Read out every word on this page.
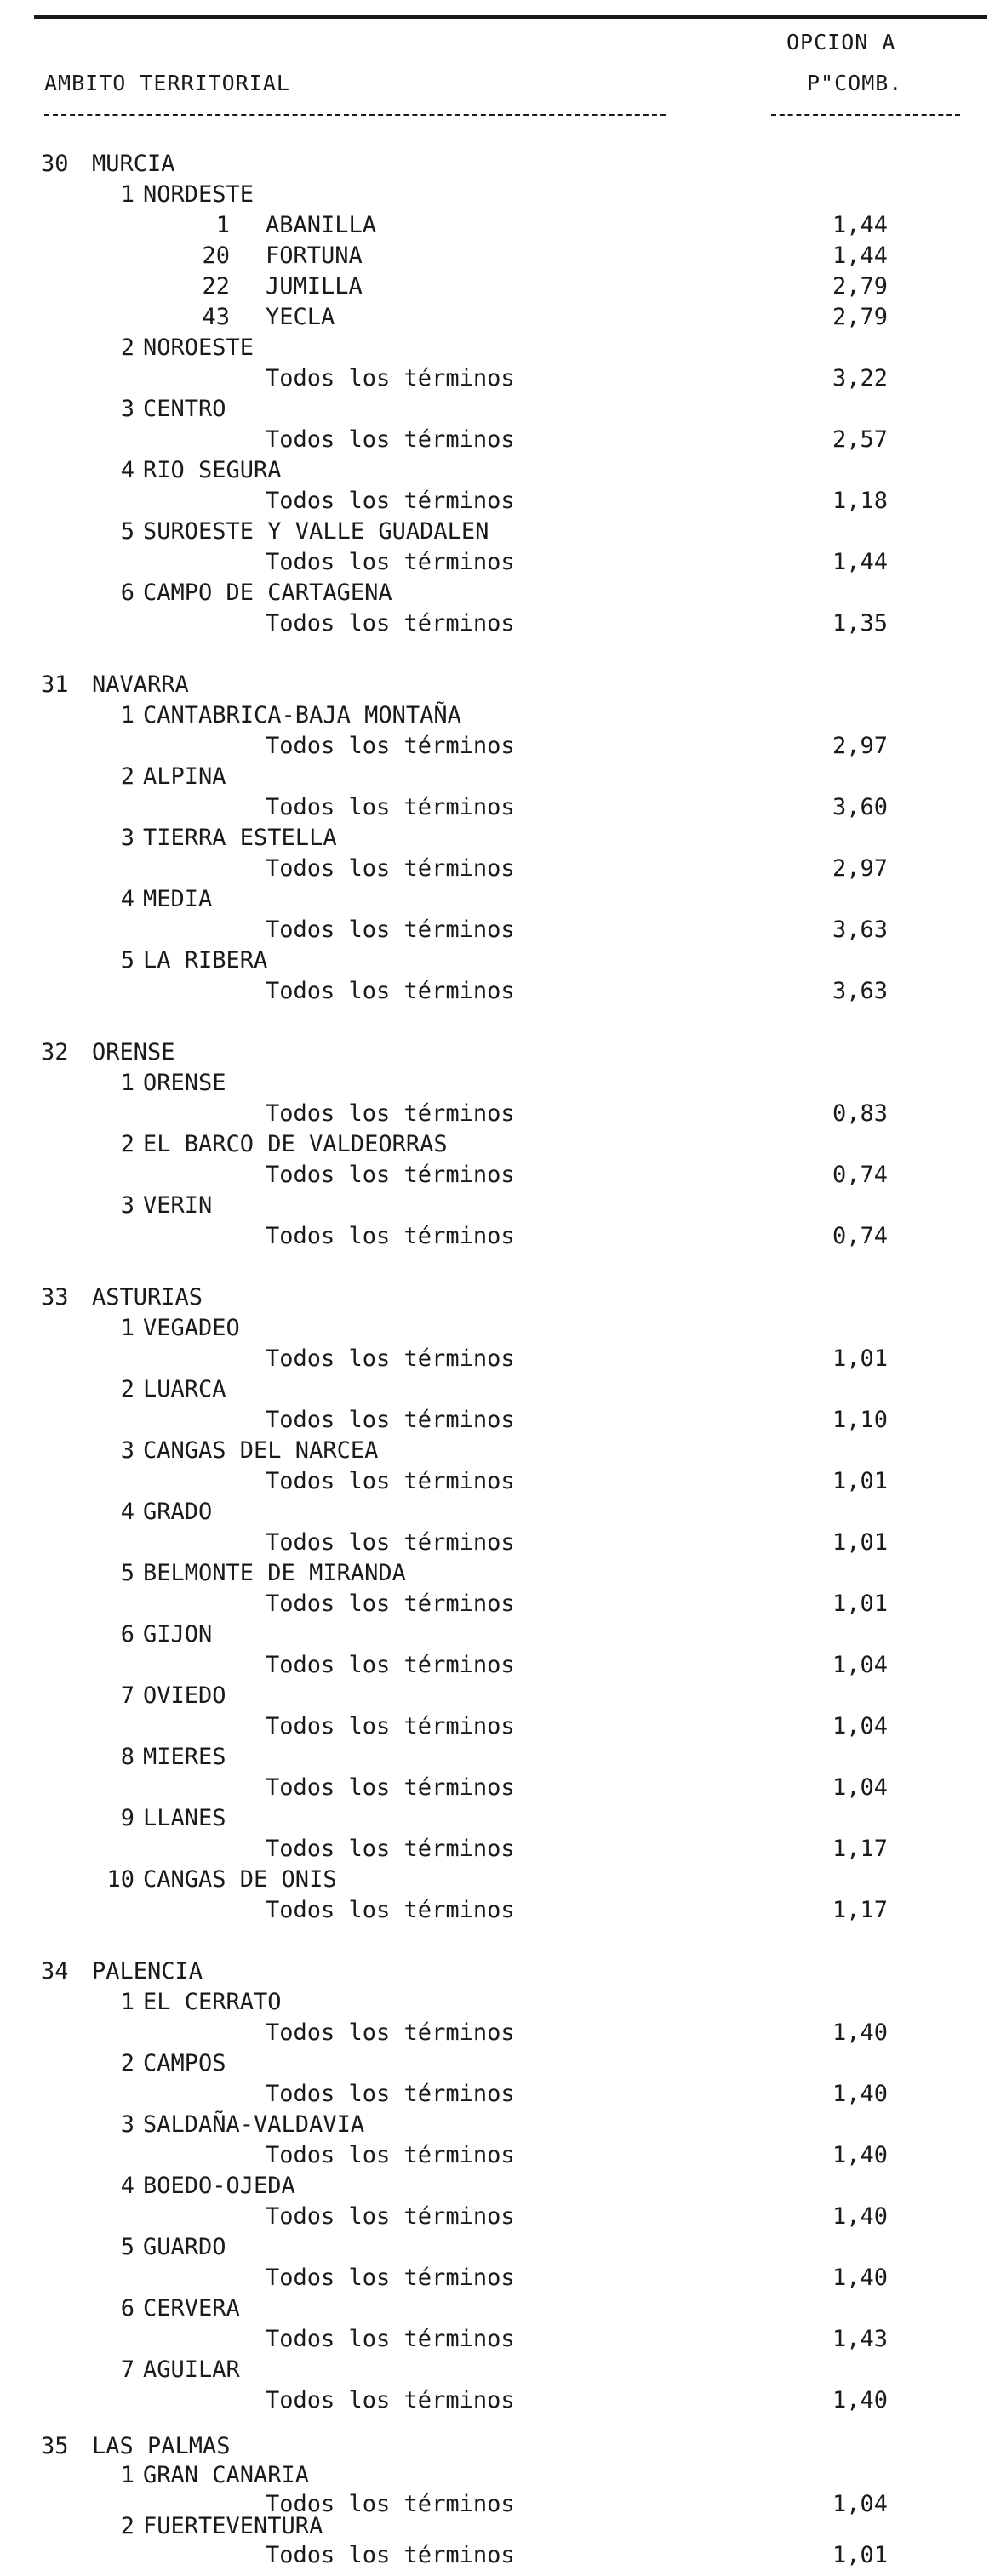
OPCION A
AMBITO TERRITORIAL	P"COMB.
30 MURCIA
1 NORDESTE
1 ABANILLA	1,44
20 FORTUNA	1,44
22 JUMILLA	2,79
43 YECLA	2,79
2 NOROESTE
Todos los términos	3,22
3 CENTRO
Todos los términos	2,57
4 RIO SEGURA
Todos los términos	1,18
5 SUROESTE Y VALLE GUADALEN
Todos los términos	1,44
6 CAMPO DE CARTAGENA
Todos los términos	1,35
31 NAVARRA
1 CANTABRICA-BAJA MONTAÑA
Todos los términos	2,97
2 ALPINA
Todos los términos	3,60
3 TIERRA ESTELLA
Todos los términos	2,97
4 MEDIA
Todos los términos	3,63
5 LA RIBERA
Todos los términos	3,63
32 ORENSE
1 ORENSE
Todos los términos	0,83
2 EL BARCO DE VALDEORRAS
Todos los términos	0,74
3 VERIN
Todos los términos	0,74
33 ASTURIAS
1 VEGADEO
Todos los términos	1,01
2 LUARCA
Todos los términos	1,10
3 CANGAS DEL NARCEA
Todos los términos	1,01
4 GRADO
Todos los términos	1,01
5 BELMONTE DE MIRANDA
Todos los términos	1,01
6 GIJON
Todos los términos	1,04
7 OVIEDO
Todos los términos	1,04
8 MIERES
Todos los términos	1,04
9 LLANES
Todos los términos	1,17
10 CANGAS DE ONIS
Todos los términos	1,17
34 PALENCIA
1 EL CERRATO
Todos los términos	1,40
2 CAMPOS
Todos los términos	1,40
3 SALDAÑA-VALDAVIA
Todos los términos	1,40
4 BOEDO-OJEDA
Todos los términos	1,40
5 GUARDO
Todos los términos	1,40
6 CERVERA
Todos los términos	1,43
7 AGUILAR
Todos los términos	1,40
35 LAS PALMAS
1 GRAN CANARIA
Todos los términos	1,04
2 FUERTEVENTURA
Todos los términos	1,01
